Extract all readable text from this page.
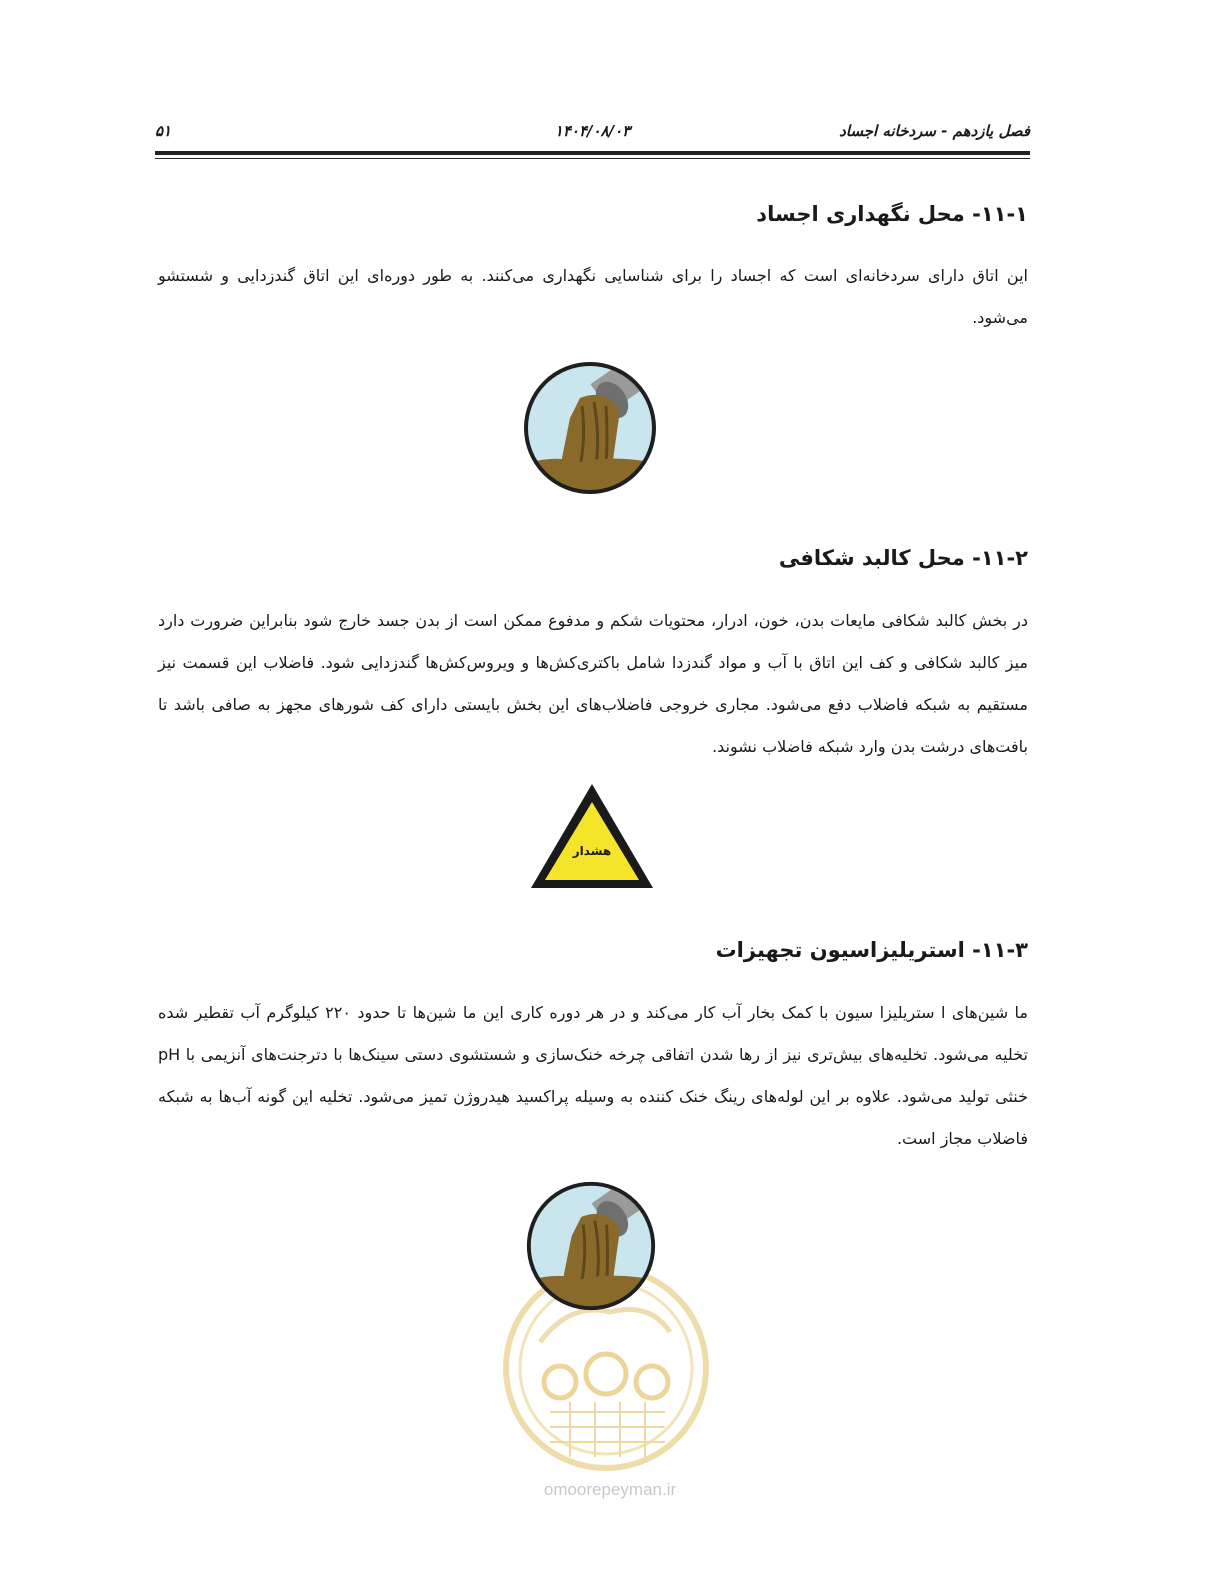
فصل یازدهم - سردخانه اجساد
۱۴۰۴/۰۸/۰۳
۵۱
۱۱-۱- محل نگهداری اجساد

این اتاق دارای سردخانه‌ای است که اجساد را برای شناسایی نگهداری می‌کنند. به طور دوره‌ای این اتاق گندزدایی و شستشو می‌شود.

۱۱-۲- محل کالبد شکافی

در بخش کالبد شکافی مایعات بدن، خون، ادرار، محتویات شکم و مدفوع ممکن است از بدن جسد خارج شود بنابراین ضرورت دارد میز کالبد شکافی و کف این اتاق با آب و مواد گندزدا شامل باکتری‌کش‌ها و ویروس‌کش‌ها گندزدایی شود. فاضلاب این قسمت نیز مستقیم به شبکه فاضلاب دفع می‌شود. مجاری خروجی فاضلاب‌های این بخش بایستی دارای کف شورهای مجهز به صافی باشد تا بافت‌های درشت بدن وارد شبکه فاضلاب نشوند.

هشدار
۱۱-۳- استریلیزاسیون تجهیزات

ما شین‌های ا ستریلیزا سیون با کمک بخار آب کار می‌کند و در هر دوره کاری این ما شین‌ها تا حدود ۲۲۰ کیلوگرم آب تقطیر شده تخلیه می‌شود. تخلیه‌های بیش‌تری نیز از رها شدن اتفاقی چرخه خنک‌سازی و شستشوی دستی سینک‌ها با دترجنت‌های آنزیمی با pH خنثی تولید می‌شود. علاوه بر این لوله‌های رینگ خنک کننده به وسیله پراکسید هیدروژن تمیز می‌شود. تخلیه این گونه آب‌ها به شبکه فاضلاب مجاز است.

omoorepeyman.ir
